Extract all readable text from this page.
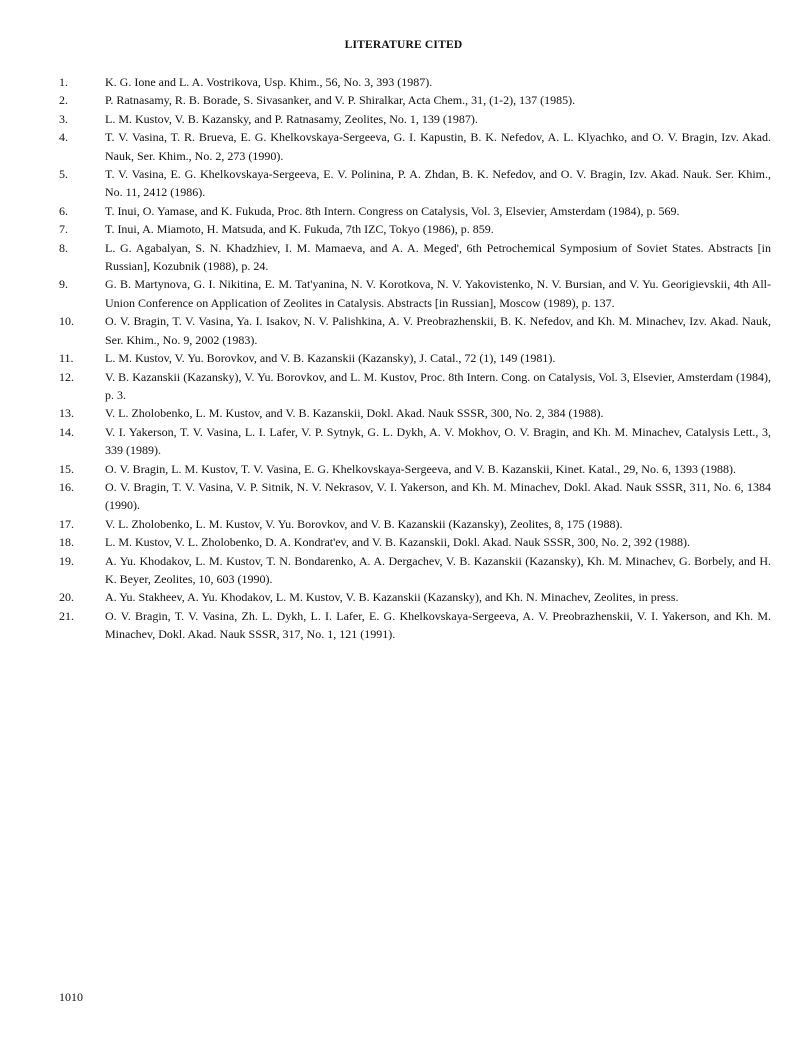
LITERATURE CITED
1.	K. G. Ione and L. A. Vostrikova, Usp. Khim., 56, No. 3, 393 (1987).
2.	P. Ratnasamy, R. B. Borade, S. Sivasanker, and V. P. Shiralkar, Acta Chem., 31, (1-2), 137 (1985).
3.	L. M. Kustov, V. B. Kazansky, and P. Ratnasamy, Zeolites, No. 1, 139 (1987).
4.	T. V. Vasina, T. R. Brueva, E. G. Khelkovskaya-Sergeeva, G. I. Kapustin, B. K. Nefedov, A. L. Klyachko, and O. V. Bragin, Izv. Akad. Nauk, Ser. Khim., No. 2, 273 (1990).
5.	T. V. Vasina, E. G. Khelkovskaya-Sergeeva, E. V. Polinina, P. A. Zhdan, B. K. Nefedov, and O. V. Bragin, Izv. Akad. Nauk. Ser. Khim., No. 11, 2412 (1986).
6.	T. Inui, O. Yamase, and K. Fukuda, Proc. 8th Intern. Congress on Catalysis, Vol. 3, Elsevier, Amsterdam (1984), p. 569.
7.	T. Inui, A. Miamoto, H. Matsuda, and K. Fukuda, 7th IZC, Tokyo (1986), p. 859.
8.	L. G. Agabalyan, S. N. Khadzhiev, I. M. Mamaeva, and A. A. Meged', 6th Petrochemical Symposium of Soviet States. Abstracts [in Russian], Kozubnik (1988), p. 24.
9.	G. B. Martynova, G. I. Nikitina, E. M. Tat'yanina, N. V. Korotkova, N. V. Yakovistenko, N. V. Bursian, and V. Yu. Georigievskii, 4th All-Union Conference on Application of Zeolites in Catalysis. Abstracts [in Russian], Moscow (1989), p. 137.
10.	O. V. Bragin, T. V. Vasina, Ya. I. Isakov, N. V. Palishkina, A. V. Preobrazhenskii, B. K. Nefedov, and Kh. M. Minachev, Izv. Akad. Nauk, Ser. Khim., No. 9, 2002 (1983).
11.	L. M. Kustov, V. Yu. Borovkov, and V. B. Kazanskii (Kazansky), J. Catal., 72 (1), 149 (1981).
12.	V. B. Kazanskii (Kazansky), V. Yu. Borovkov, and L. M. Kustov, Proc. 8th Intern. Cong. on Catalysis, Vol. 3, Elsevier, Amsterdam (1984), p. 3.
13.	V. L. Zholobenko, L. M. Kustov, and V. B. Kazanskii, Dokl. Akad. Nauk SSSR, 300, No. 2, 384 (1988).
14.	V. I. Yakerson, T. V. Vasina, L. I. Lafer, V. P. Sytnyk, G. L. Dykh, A. V. Mokhov, O. V. Bragin, and Kh. M. Minachev, Catalysis Lett., 3, 339 (1989).
15.	O. V. Bragin, L. M. Kustov, T. V. Vasina, E. G. Khelkovskaya-Sergeeva, and V. B. Kazanskii, Kinet. Katal., 29, No. 6, 1393 (1988).
16.	O. V. Bragin, T. V. Vasina, V. P. Sitnik, N. V. Nekrasov, V. I. Yakerson, and Kh. M. Minachev, Dokl. Akad. Nauk SSSR, 311, No. 6, 1384 (1990).
17.	V. L. Zholobenko, L. M. Kustov, V. Yu. Borovkov, and V. B. Kazanskii (Kazansky), Zeolites, 8, 175 (1988).
18.	L. M. Kustov, V. L. Zholobenko, D. A. Kondrat'ev, and V. B. Kazanskii, Dokl. Akad. Nauk SSSR, 300, No. 2, 392 (1988).
19.	A. Yu. Khodakov, L. M. Kustov, T. N. Bondarenko, A. A. Dergachev, V. B. Kazanskii (Kazansky), Kh. M. Minachev, G. Borbely, and H. K. Beyer, Zeolites, 10, 603 (1990).
20.	A. Yu. Stakheev, A. Yu. Khodakov, L. M. Kustov, V. B. Kazanskii (Kazansky), and Kh. N. Minachev, Zeolites, in press.
21.	O. V. Bragin, T. V. Vasina, Zh. L. Dykh, L. I. Lafer, E. G. Khelkovskaya-Sergeeva, A. V. Preobrazhenskii, V. I. Yakerson, and Kh. M. Minachev, Dokl. Akad. Nauk SSSR, 317, No. 1, 121 (1991).
1010
